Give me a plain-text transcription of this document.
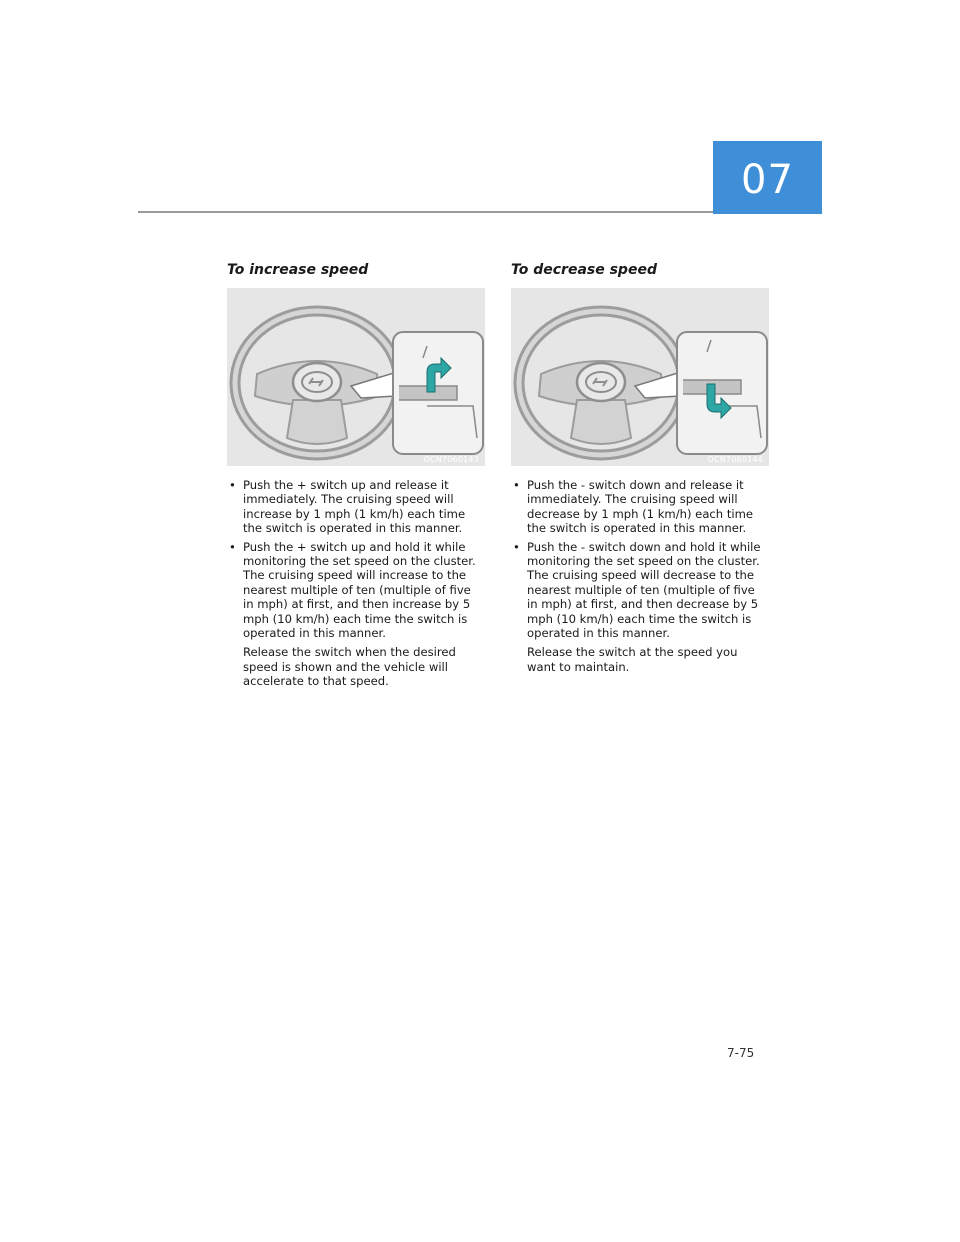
07
To increase speed
OCN7060143
• Push the + switch up and release it immediately. The cruising speed will increase by 1 mph (1 km/h) each time the switch is operated in this manner.
• Push the + switch up and hold it while monitoring the set speed on the cluster. The cruising speed will increase to the nearest multiple of ten (multiple of five in mph) at first, and then increase by 5 mph (10 km/h) each time the switch is operated in this manner.
Release the switch when the desired speed is shown and the vehicle will accelerate to that speed.
To decrease speed
OCN7060144
• Push the - switch down and release it immediately. The cruising speed will decrease by 1 mph (1 km/h) each time the switch is operated in this manner.
• Push the - switch down and hold it while monitoring the set speed on the cluster. The cruising speed will decrease to the nearest multiple of ten (multiple of five in mph) at first, and then decrease by 5 mph (10 km/h) each time the switch is operated in this manner.
Release the switch at the speed you want to maintain.
7-75
